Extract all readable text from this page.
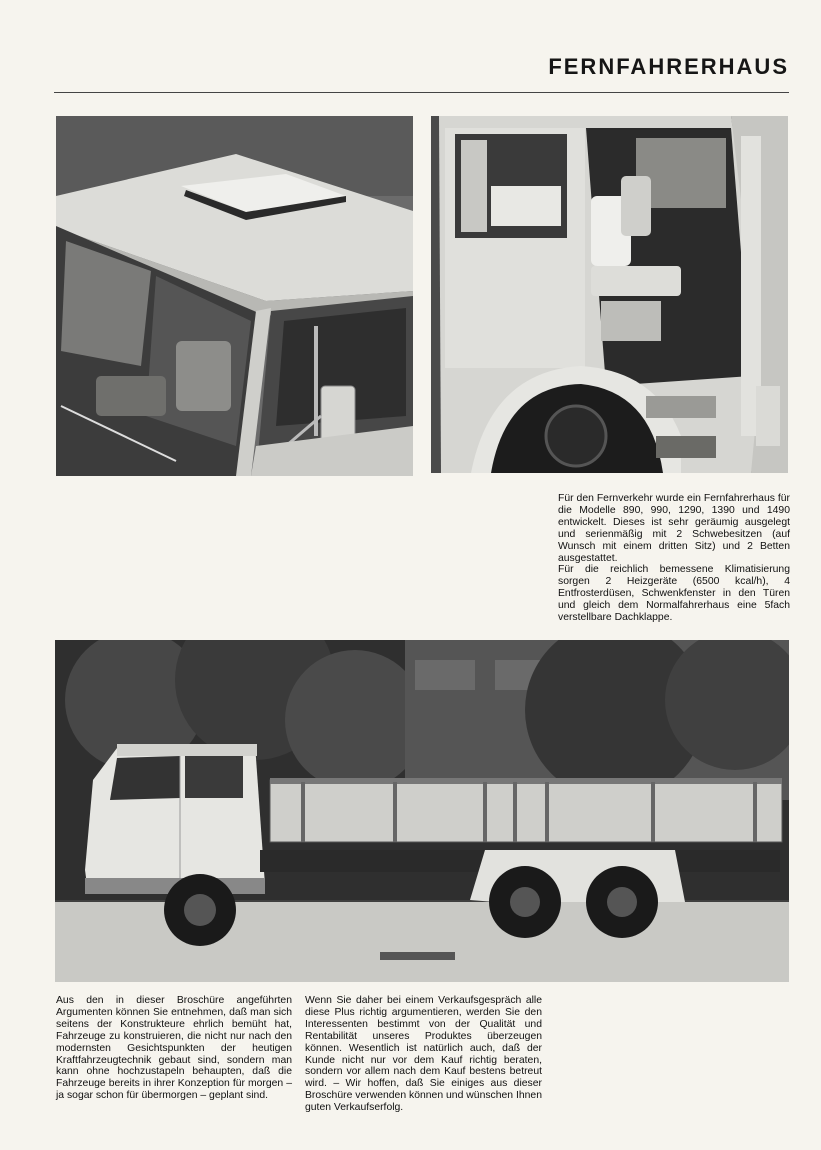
FERNFAHRERHAUS

Für den Fernverkehr wurde ein Fernfahrerhaus für die Modelle 890, 990, 1290, 1390 und 1490 entwickelt. Dieses ist sehr geräumig ausgelegt und serienmäßig mit 2 Schwebesitzen (auf Wunsch mit einem dritten Sitz) und 2 Betten ausgestattet.

Für die reichlich bemessene Klimatisierung sorgen 2 Heizgeräte (6500 kcal/h), 4 Entfrosterdüsen, Schwenkfenster in den Türen und gleich dem Normalfahrerhaus eine 5fach verstellbare Dachklappe.

Aus den in dieser Broschüre angeführten Argumenten können Sie entnehmen, daß man sich seitens der Konstrukteure ehrlich bemüht hat, Fahrzeuge zu konstruieren, die nicht nur nach den modernsten Gesichtspunkten der heutigen Kraftfahrzeugtechnik gebaut sind, sondern man kann ohne hochzustapeln behaupten, daß die Fahrzeuge bereits in ihrer Konzeption für morgen – ja sogar schon für übermorgen – geplant sind.

Wenn Sie daher bei einem Verkaufsgespräch alle diese Plus richtig argumentieren, werden Sie den Interessenten bestimmt von der Qualität und Rentabilität unseres Produktes überzeugen können. Wesentlich ist natürlich auch, daß der Kunde nicht nur vor dem Kauf richtig beraten, sondern vor allem nach dem Kauf bestens betreut wird. – Wir hoffen, daß Sie einiges aus dieser Broschüre verwenden können und wünschen Ihnen guten Verkaufserfolg.
